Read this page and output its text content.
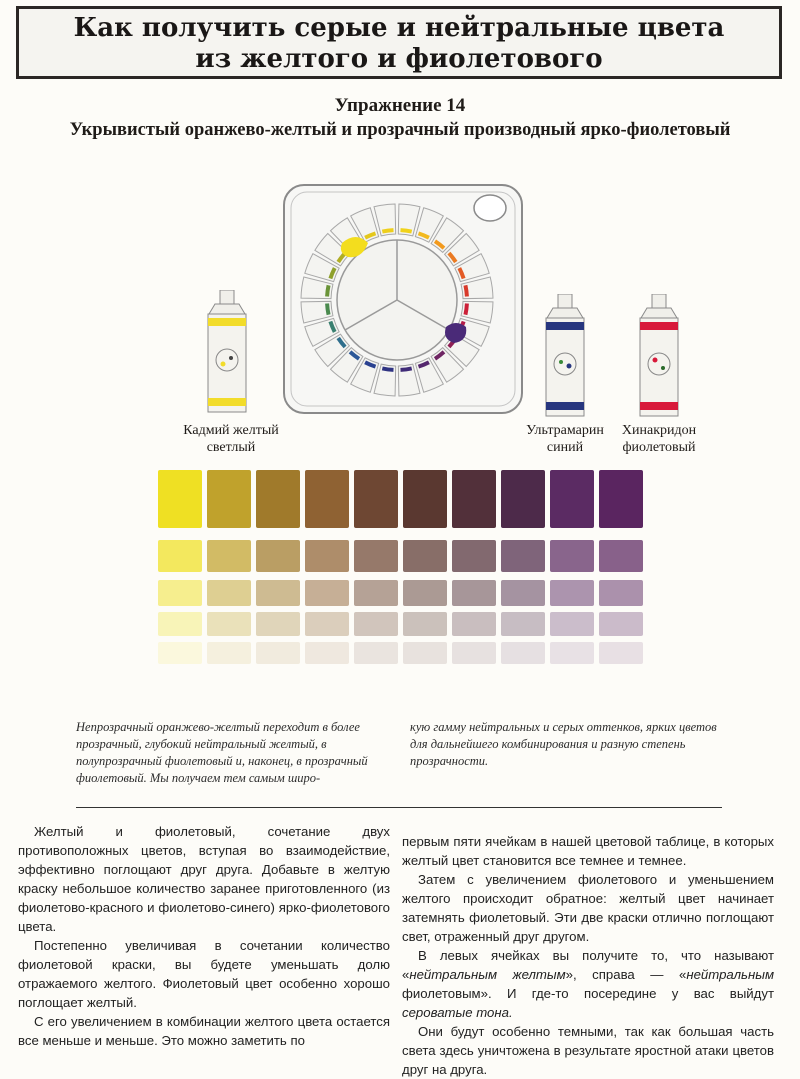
Как получить серые и нейтральные цвета
из желтого и фиолетового
Упражнение 14
Укрывистый оранжево-желтый и прозрачный производный ярко-фиолетовый
Кадмий желтый
светлый
Ультрамарин
синий
Хинакридон
фиолетовый
Непрозрачный оранжево-желтый переходит в более прозрачный, глубокий нейтральный желтый, в полупрозрачный фиолетовый и, наконец, в прозрачный фиолетовый. Мы получаем тем самым широ-
кую гамму нейтральных и серых оттенков, ярких цветов для дальнейшего комбинирования и разную степень прозрачности.

Желтый и фиолетовый, сочетание двух противоположных цветов, вступая во взаимодействие, эффективно поглощают друг друга. Добавьте в желтую краску небольшое количество заранее приготовленного (из фиолетово-красного и фиолетово-синего) ярко-фиолетового цвета.

Постепенно увеличивая в сочетании количество фиолетовой краски, вы будете уменьшать долю отражаемого желтого. Фиолетовый цвет особенно хорошо поглощает желтый.

С его увеличением в комбинации желтого цвета остается все меньше и меньше. Это можно заметить по

первым пяти ячейкам в нашей цветовой таблице, в которых желтый цвет становится все темнее и темнее.

Затем с увеличением фиолетового и уменьшением желтого происходит обратное: желтый цвет начинает затемнять фиолетовый. Эти две краски отлично поглощают свет, отраженный друг другом.

В левых ячейках вы получите то, что называют «нейтральным желтым», справа — «нейтральным фиолетовым». И где-то посередине у вас выйдут сероватые тона.

Они будут особенно темными, так как большая часть света здесь уничтожена в результате яростной атаки цветов друг на друга.
